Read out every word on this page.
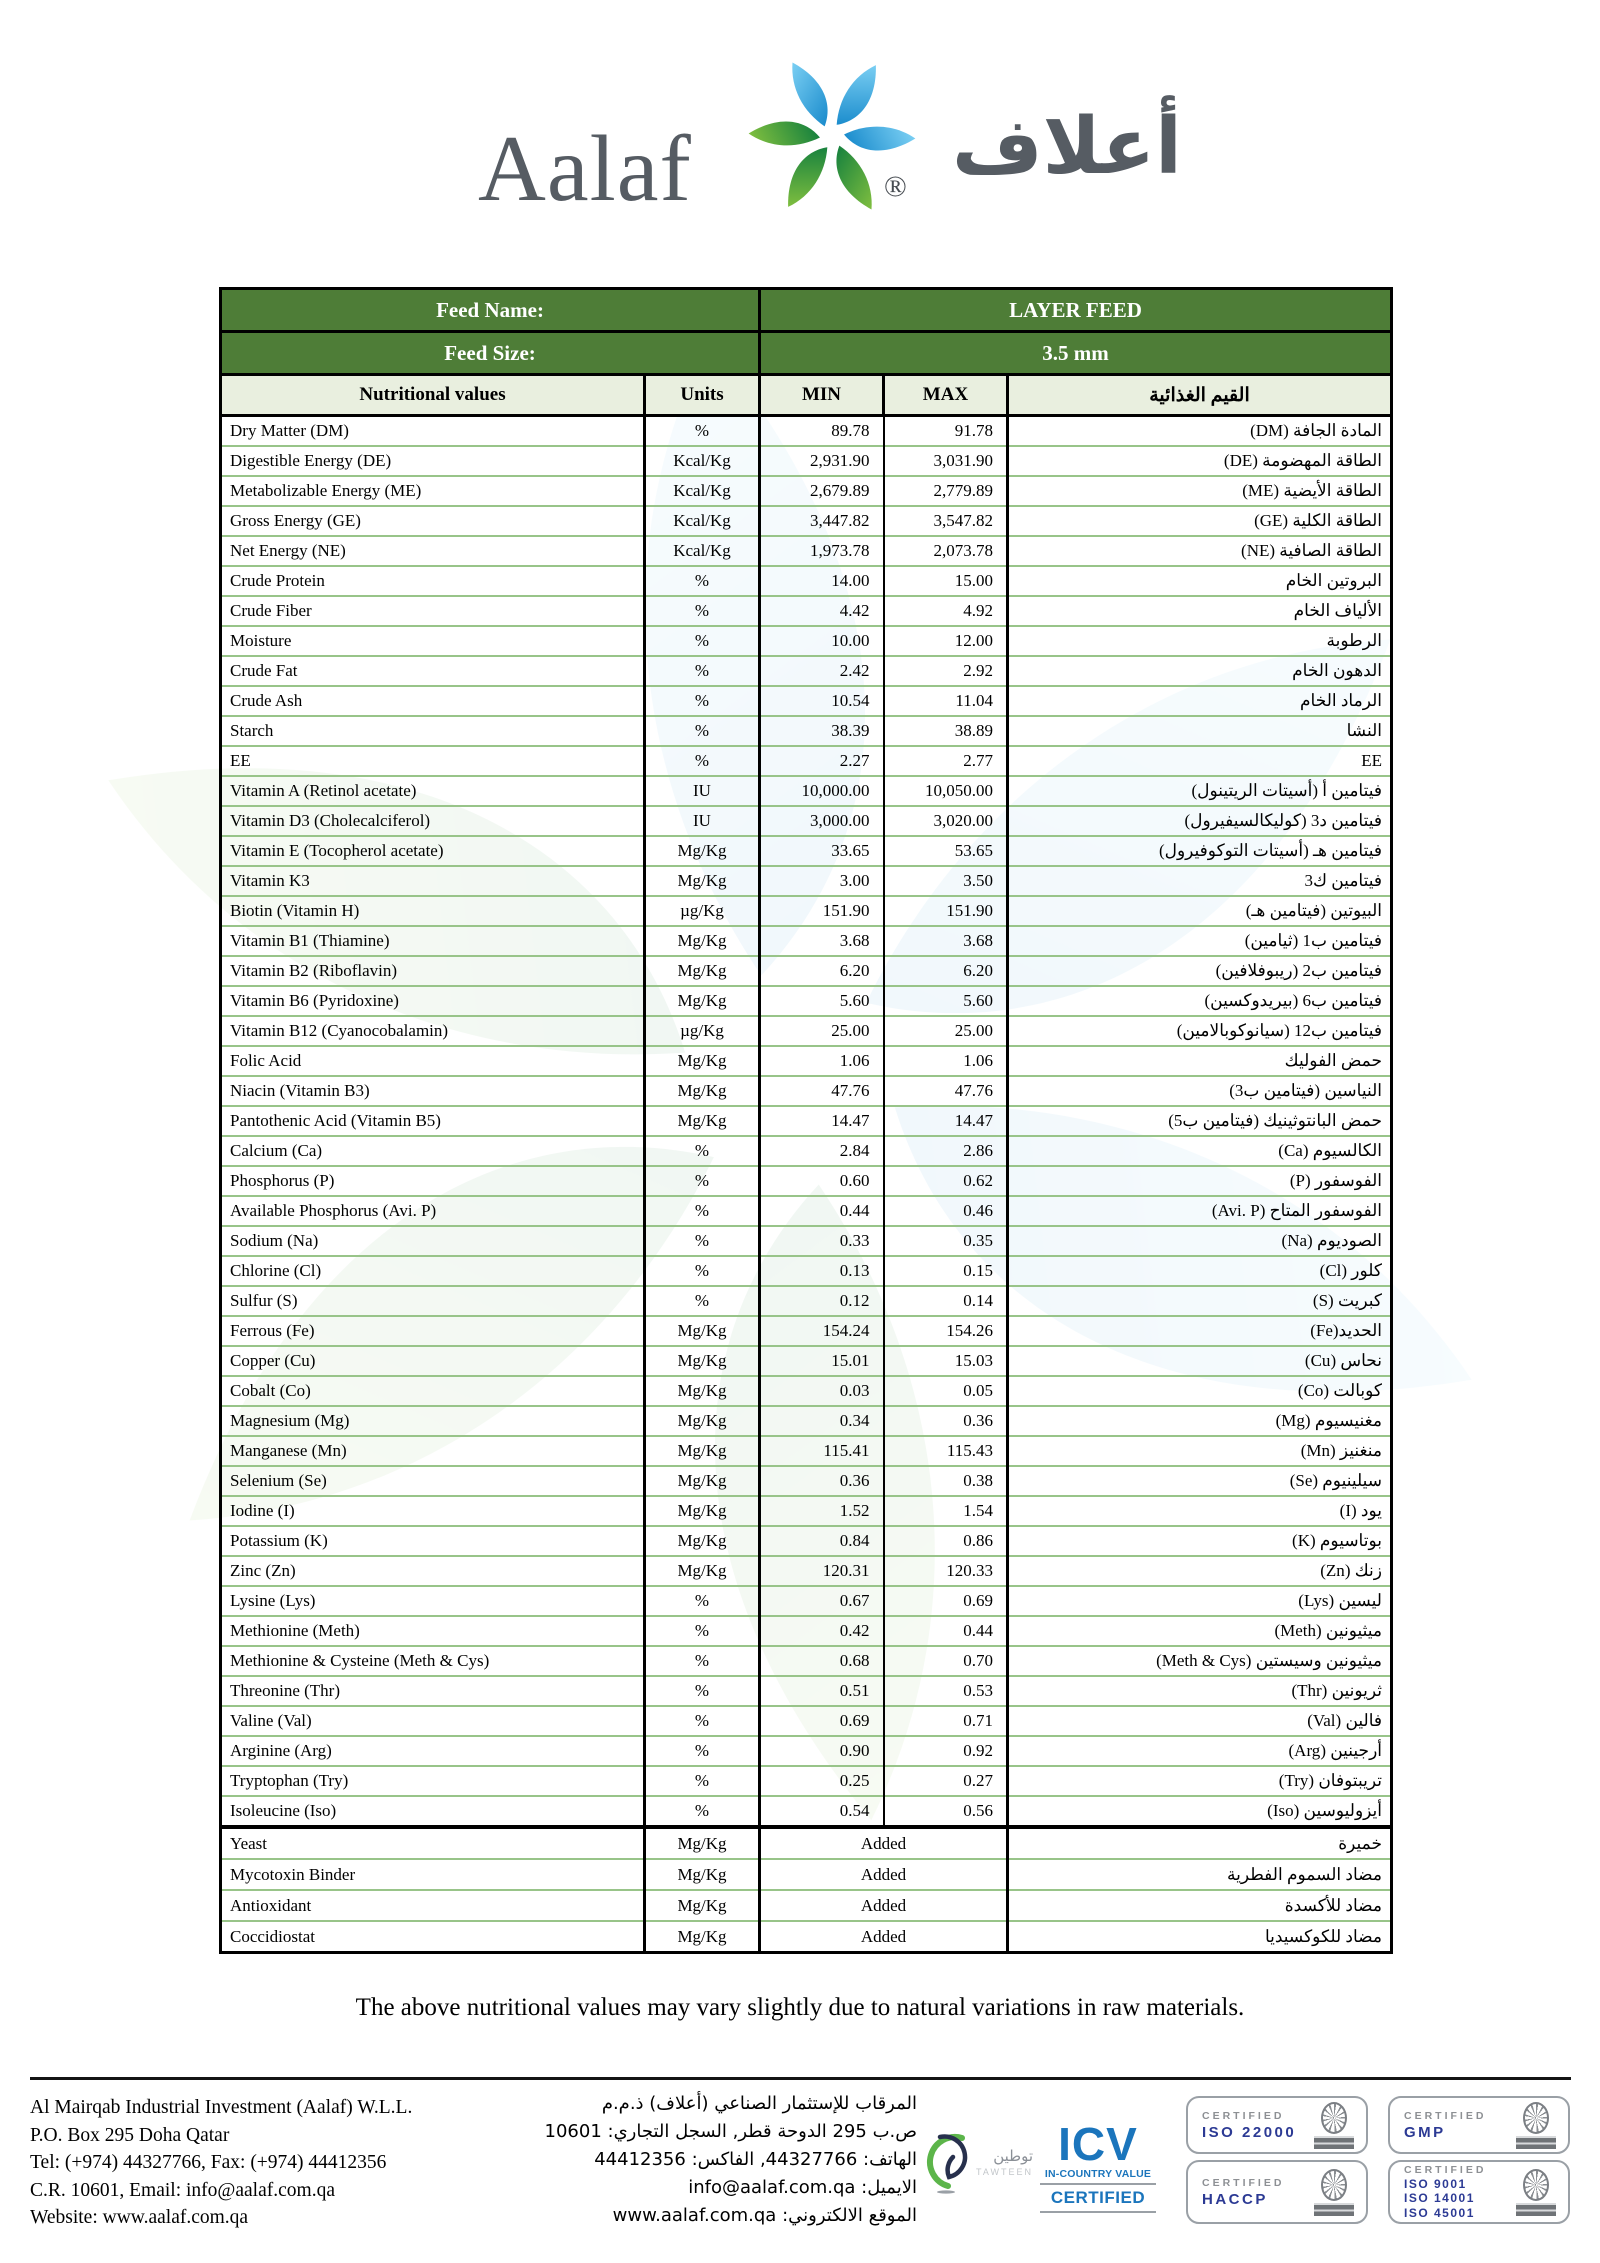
Aalaf	® أعلاف
Feed Name:		LAYER FEED		
Feed Size:		3.5 mm		
Nutritional values	Units	MIN	MAX	القيم الغذائية
Dry Matter (DM)	%	89.78	91.78	المادة الجافة (DM)
Digestible Energy (DE)	Kcal/Kg	2,931.90	3,031.90	الطاقة المهضومة (DE)
Metabolizable Energy (ME)	Kcal/Kg	2,679.89	2,779.89	الطاقة الأيضية (ME)
Gross Energy (GE)	Kcal/Kg	3,447.82	3,547.82	الطاقة الكلية (GE)
Net Energy (NE)	Kcal/Kg	1,973.78	2,073.78	الطاقة الصافية (NE)
Crude Protein	%	14.00	15.00	البروتين الخام
Crude Fiber	%	4.42	4.92	الألياف الخام
Moisture	%	10.00	12.00	الرطوبة
Crude Fat	%	2.42	2.92	الدهون الخام
Crude Ash	%	10.54	11.04	الرماد الخام
Starch	%	38.39	38.89	النشا
EE	%	2.27	2.77	EE
Vitamin A (Retinol acetate)	IU	10,000.00	10,050.00	فيتامين أ (أسيتات الريتينول)
Vitamin D3 (Cholecalciferol)	IU	3,000.00	3,020.00	فيتامين د3 (كوليكالسيفيرول)
Vitamin E (Tocopherol acetate)	Mg/Kg	33.65	53.65	فيتامين هـ (أسيتات التوكوفيرول)
Vitamin K3	Mg/Kg	3.00	3.50	فيتامين ك3
Biotin (Vitamin H)	µg/Kg	151.90	151.90	البيوتين (فيتامين هـ)
Vitamin B1 (Thiamine)	Mg/Kg	3.68	3.68	فيتامين ب1 (ثيامين)
Vitamin B2 (Riboflavin)	Mg/Kg	6.20	6.20	فيتامين ب2 (ريبوفلافين)
Vitamin B6 (Pyridoxine)	Mg/Kg	5.60	5.60	فيتامين ب6 (بيريدوكسين)
Vitamin B12 (Cyanocobalamin)	µg/Kg	25.00	25.00	فيتامين ب12 (سيانوكوبالامين)
Folic Acid	Mg/Kg	1.06	1.06	حمض الفوليك
Niacin (Vitamin B3)	Mg/Kg	47.76	47.76	النياسين (فيتامين ب3)
Pantothenic Acid (Vitamin B5)	Mg/Kg	14.47	14.47	حمض البانتوثينيك (فيتامين ب5)
Calcium (Ca)	%	2.84	2.86	الكالسيوم (Ca)
Phosphorus (P)	%	0.60	0.62	الفوسفور (P)
Available Phosphorus (Avi. P)	%	0.44	0.46	الفوسفور المتاح (Avi. P)
Sodium (Na)	%	0.33	0.35	الصوديوم (Na)
Chlorine (Cl)	%	0.13	0.15	كلور (Cl)
Sulfur (S)	%	0.12	0.14	كبريت (S)
Ferrous (Fe)	Mg/Kg	154.24	154.26	الحديد(Fe)
Copper (Cu)	Mg/Kg	15.01	15.03	نحاس (Cu)
Cobalt (Co)	Mg/Kg	0.03	0.05	كوبالت (Co)
Magnesium (Mg)	Mg/Kg	0.34	0.36	مغنيسيوم (Mg)
Manganese (Mn)	Mg/Kg	115.41	115.43	منغنيز (Mn)
Selenium (Se)	Mg/Kg	0.36	0.38	سيلينيوم (Se)
Iodine (I)	Mg/Kg	1.52	1.54	يود (I)
Potassium (K)	Mg/Kg	0.84	0.86	بوتاسيوم (K)
Zinc (Zn)	Mg/Kg	120.31	120.33	زنك (Zn)
Lysine (Lys)	%	0.67	0.69	ليسين (Lys)
Methionine (Meth)	%	0.42	0.44	ميثيونين (Meth)
Methionine & Cysteine (Meth & Cys)	%	0.68	0.70	ميثيونين وسيستين (Meth & Cys)
Threonine (Thr)	%	0.51	0.53	ثريونين (Thr)
Valine (Val)	%	0.69	0.71	فالين (Val)
Arginine (Arg)	%	0.90	0.92	أرجينين (Arg)
Tryptophan (Try)	%	0.25	0.27	تريبتوفان (Try)
Isoleucine (Iso)	%	0.54	0.56	أيزوليوسين (Iso)
Yeast	Mg/Kg	Added		خميرة
Mycotoxin Binder	Mg/Kg	Added		مضاد السموم الفطرية
Antioxidant	Mg/Kg	Added		مضاد للأكسدة
Coccidiostat	Mg/Kg	Added		مضاد للكوكسيديا
The above nutritional values may vary slightly due to natural variations in raw materials.
Al Mairqab Industrial Investment (Aalaf) W.L.L.
P.O. Box 295 Doha Qatar
Tel: (+974) 44327766, Fax: (+974) 44412356
C.R. 10601, Email: info@aalaf.com.qa
Website: www.aalaf.com.qa
المرقاب للإستثمار الصناعي (أعلاف) ذ.م.م
ص.ب 295 الدوحة قطر, السجل التجاري: 10601
الهاتف: 44327766, الفاكس: 44412356
الايميل: info@aalaf.com.qa
الموقع الالكتروني: www.aalaf.com.qa
توطين
TAWTEEN
ICV
IN-COUNTRY VALUE
CERTIFIED
CERTIFIED
ISO 22000
CERTIFIED
GMP
CERTIFIED
HACCP
CERTIFIED
ISO 9001
ISO 14001
ISO 45001
